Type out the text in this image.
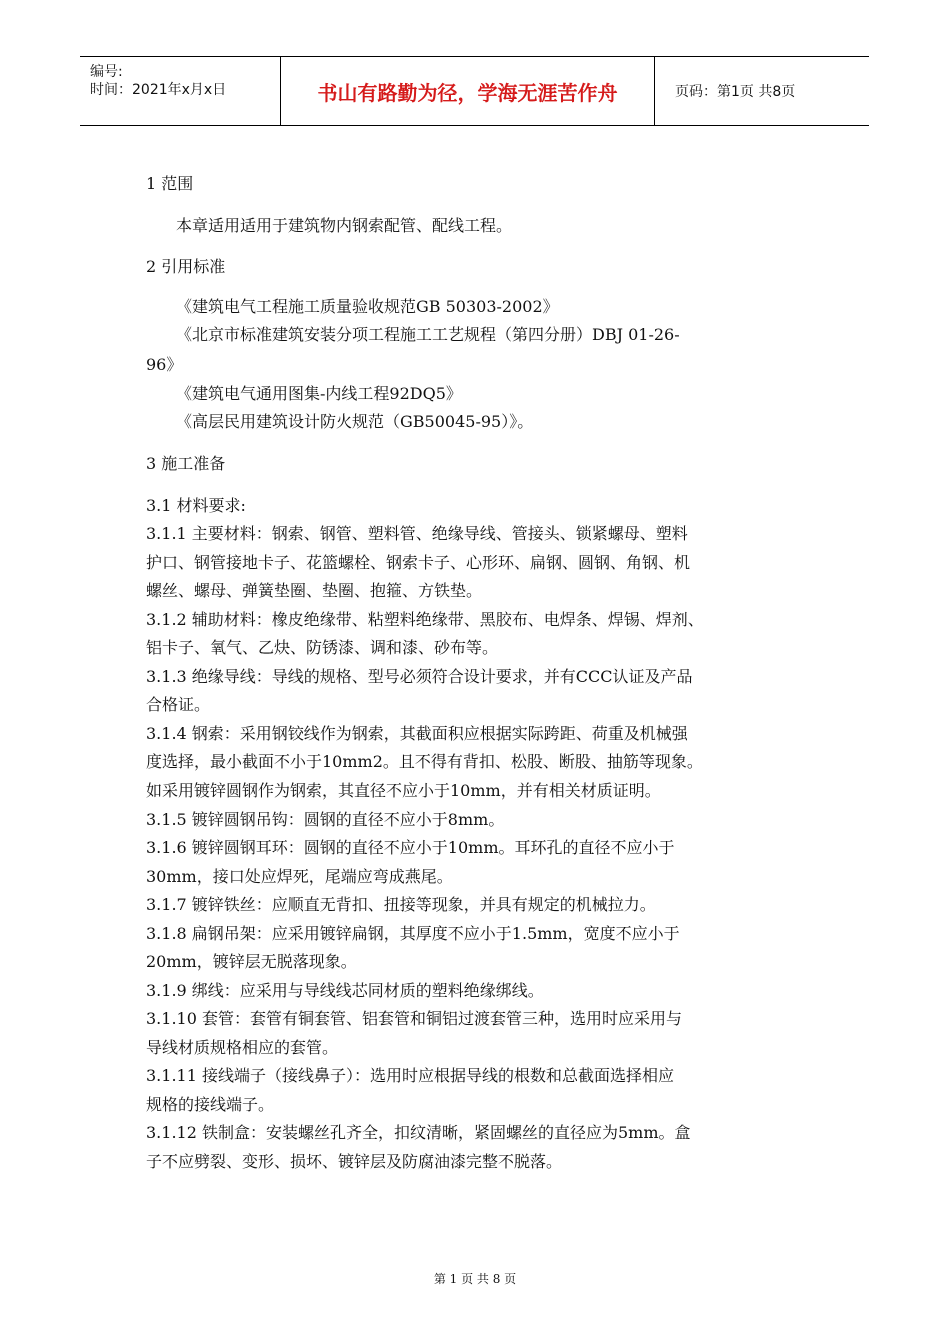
编号:
时间：2021年x月x日	书山有路勤为径，学海无涯苦作舟	页码：第1页 共8页
1 范围
本章适用适用于建筑物内钢索配管、配线工程。
2 引用标准
《建筑电气工程施工质量验收规范GB 50303-2002》
《北京市标准建筑安装分项工程施工工艺规程（第四分册）DBJ 01-26-
96》
《建筑电气通用图集-内线工程92DQ5》
《高层民用建筑设计防火规范（GB50045-95）》。
3 施工准备
3.1 材料要求:
3.1.1 主要材料：钢索、钢管、塑料管、绝缘导线、管接头、锁紧螺母、塑料
护口、钢管接地卡子、花篮螺栓、钢索卡子、心形环、扁钢、圆钢、角钢、机
螺丝、螺母、弹簧垫圈、垫圈、抱箍、方铁垫。
3.1.2 辅助材料：橡皮绝缘带、粘塑料绝缘带、黑胶布、电焊条、焊锡、焊剂、
铝卡子、氧气、乙炔、防锈漆、调和漆、砂布等。
3.1.3 绝缘导线：导线的规格、型号必须符合设计要求，并有CCC认证及产品
合格证。
3.1.4 钢索：采用钢铰线作为钢索，其截面积应根据实际跨距、荷重及机械强
度选择，最小截面不小于10mm2。且不得有背扣、松股、断股、抽筋等现象。
如采用镀锌圆钢作为钢索，其直径不应小于10mm，并有相关材质证明。
3.1.5 镀锌圆钢吊钩：圆钢的直径不应小于8mm。
3.1.6 镀锌圆钢耳环：圆钢的直径不应小于10mm。耳环孔的直径不应小于
30mm，接口处应焊死，尾端应弯成燕尾。
3.1.7 镀锌铁丝：应顺直无背扣、扭接等现象，并具有规定的机械拉力。
3.1.8 扁钢吊架：应采用镀锌扁钢，其厚度不应小于1.5mm，宽度不应小于
20mm，镀锌层无脱落现象。
3.1.9 绑线：应采用与导线线芯同材质的塑料绝缘绑线。
3.1.10 套管：套管有铜套管、铝套管和铜铝过渡套管三种，选用时应采用与
导线材质规格相应的套管。
3.1.11 接线端子（接线鼻子）：选用时应根据导线的根数和总截面选择相应
规格的接线端子。
3.1.12 铁制盒：安装螺丝孔齐全，扣纹清晰，紧固螺丝的直径应为5mm。盒
子不应劈裂、变形、损坏、镀锌层及防腐油漆完整不脱落。
第 1 页 共 8 页
